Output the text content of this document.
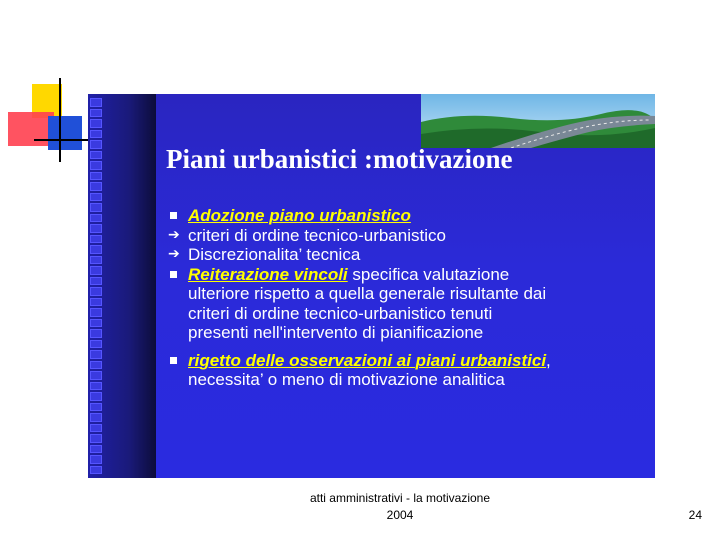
Piani urbanistici :motivazione
Adozione piano urbanistico
➔ criteri di ordine tecnico-urbanistico
➔ Discrezionalita’ tecnica
Reiterazione vincoli specifica valutazione
ulteriore rispetto a quella generale risultante dai
criteri di ordine tecnico-urbanistico tenuti
presenti nell'intervento di pianificazione
rigetto delle osservazioni ai piani urbanistici,
necessita’ o meno di motivazione analitica
atti amministrativi - la motivazione
2004	24
